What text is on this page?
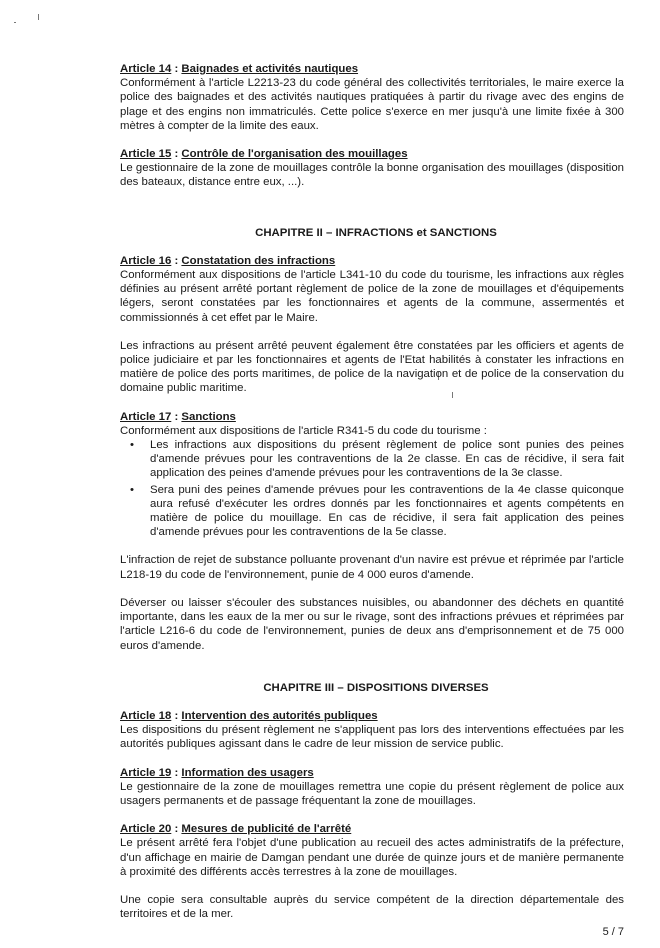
Article 14 : Baignades et activités nautiques

Conformément à l'article L2213-23 du code général des collectivités territoriales, le maire exerce la police des baignades et des activités nautiques pratiquées à partir du rivage avec des engins de plage et des engins non immatriculés. Cette police s'exerce en mer jusqu'à une limite fixée à 300 mètres à compter de la limite des eaux.

Article 15 : Contrôle de l'organisation des mouillages

Le gestionnaire de la zone de mouillages contrôle la bonne organisation des mouillages (disposition des bateaux, distance entre eux, ...).

CHAPITRE II – INFRACTIONS et SANCTIONS
Article 16 : Constatation des infractions

Conformément aux dispositions de l'article L341-10 du code du tourisme, les infractions aux règles définies au présent arrêté portant règlement de police de la zone de mouillages et d'équipements légers, seront constatées par les fonctionnaires et agents de la commune, assermentés et commissionnés à cet effet par le Maire.

Les infractions au présent arrêté peuvent également être constatées par les officiers et agents de police judiciaire et par les fonctionnaires et agents de l'Etat habilités à constater les infractions en matière de police des ports maritimes, de police de la navigation et de police de la conservation du domaine public maritime.

Article 17 : Sanctions

Conformément aux dispositions de l'article R341-5 du code du tourisme :

• Les infractions aux dispositions du présent règlement de police sont punies des peines d'amende prévues pour les contraventions de la 2e classe. En cas de récidive, il sera fait application des peines d'amende prévues pour les contraventions de la 3e classe.
• Sera puni des peines d'amende prévues pour les contraventions de la 4e classe quiconque aura refusé d'exécuter les ordres donnés par les fonctionnaires et agents compétents en matière de police du mouillage. En cas de récidive, il sera fait application des peines d'amende prévues pour les contraventions de la 5e classe.

L'infraction de rejet de substance polluante provenant d'un navire est prévue et réprimée par l'article L218-19 du code de l'environnement, punie de 4 000 euros d'amende.

Déverser ou laisser s'écouler des substances nuisibles, ou abandonner des déchets en quantité importante, dans les eaux de la mer ou sur le rivage, sont des infractions prévues et réprimées par l'article L216-6 du code de l'environnement, punies de deux ans d'emprisonnement et de 75 000 euros d'amende.

CHAPITRE III – DISPOSITIONS DIVERSES
Article 18 : Intervention des autorités publiques

Les dispositions du présent règlement ne s'appliquent pas lors des interventions effectuées par les autorités publiques agissant dans le cadre de leur mission de service public.

Article 19 : Information des usagers

Le gestionnaire de la zone de mouillages remettra une copie du présent règlement de police aux usagers permanents et de passage fréquentant la zone de mouillages.

Article 20 : Mesures de publicité de l'arrêté

Le présent arrêté fera l'objet d'une publication au recueil des actes administratifs de la préfecture, d'un affichage en mairie de Damgan pendant une durée de quinze jours et de manière permanente à proximité des différents accès terrestres à la zone de mouillages.

Une copie sera consultable auprès du service compétent de la direction départementale des territoires et de la mer.

5 / 7
